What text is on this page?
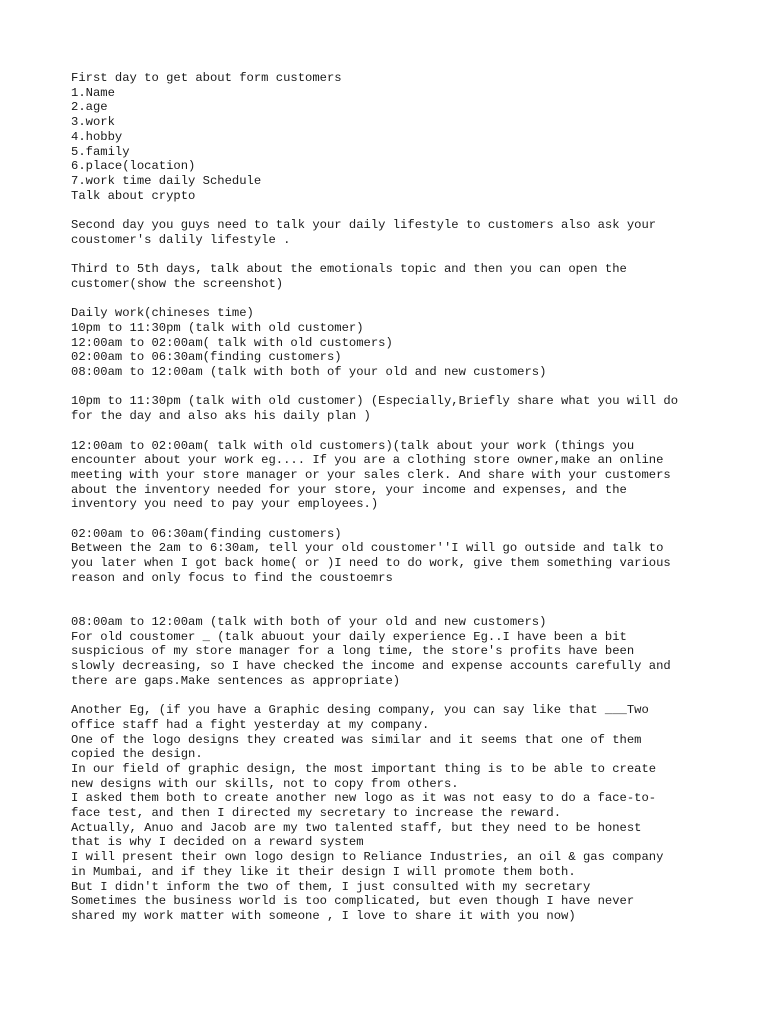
First day to get about form customers
1.Name
2.age
3.work
4.hobby
5.family
6.place(location)
7.work time daily Schedule
Talk about crypto
Second day you guys need to talk your daily lifestyle to customers also ask your
coustomer's dalily lifestyle .
Third to 5th days, talk about the emotionals topic and then you can open the
customer(show the screenshot)
Daily work(chineses time)
10pm to 11:30pm (talk with old customer)
12:00am to 02:00am( talk with old customers)
02:00am to 06:30am(finding customers)
08:00am to 12:00am (talk with both of your old and new customers)
10pm to 11:30pm (talk with old customer) (Especially,Briefly share what you will do
for the day and also aks his daily plan )
12:00am to 02:00am( talk with old customers)(talk about your work (things you
encounter about your work eg.... If you are a clothing store owner,make an online
meeting with your store manager or your sales clerk. And share with your customers
about the inventory needed for your store, your income and expenses, and the
inventory you need to pay your employees.)
02:00am to 06:30am(finding customers)
Between the 2am to 6:30am, tell your old coustomer''I will go outside and talk to
you later when I got back home( or )I need to do work, give them something various
reason and only focus to find the coustoemrs
08:00am to 12:00am (talk with both of your old and new customers)
For old coustomer _ (talk abuout your daily experience Eg..I have been a bit
suspicious of my store manager for a long time, the store's profits have been
slowly decreasing, so I have checked the income and expense accounts carefully and
there are gaps.Make sentences as appropriate)
Another Eg, (if you have a Graphic desing company, you can say like that ___Two
office staff had a fight yesterday at my company.
One of the logo designs they created was similar and it seems that one of them
copied the design.
In our field of graphic design, the most important thing is to be able to create
new designs with our skills, not to copy from others.
I asked them both to create another new logo as it was not easy to do a face-to-
face test, and then I directed my secretary to increase the reward.
Actually, Anuo and Jacob are my two talented staff, but they need to be honest
that is why I decided on a reward system
I will present their own logo design to Reliance Industries, an oil & gas company
in Mumbai, and if they like it their design I will promote them both.
But I didn't inform the two of them, I just consulted with my secretary
Sometimes the business world is too complicated, but even though I have never
shared my work matter with someone , I love to share it with you now)
